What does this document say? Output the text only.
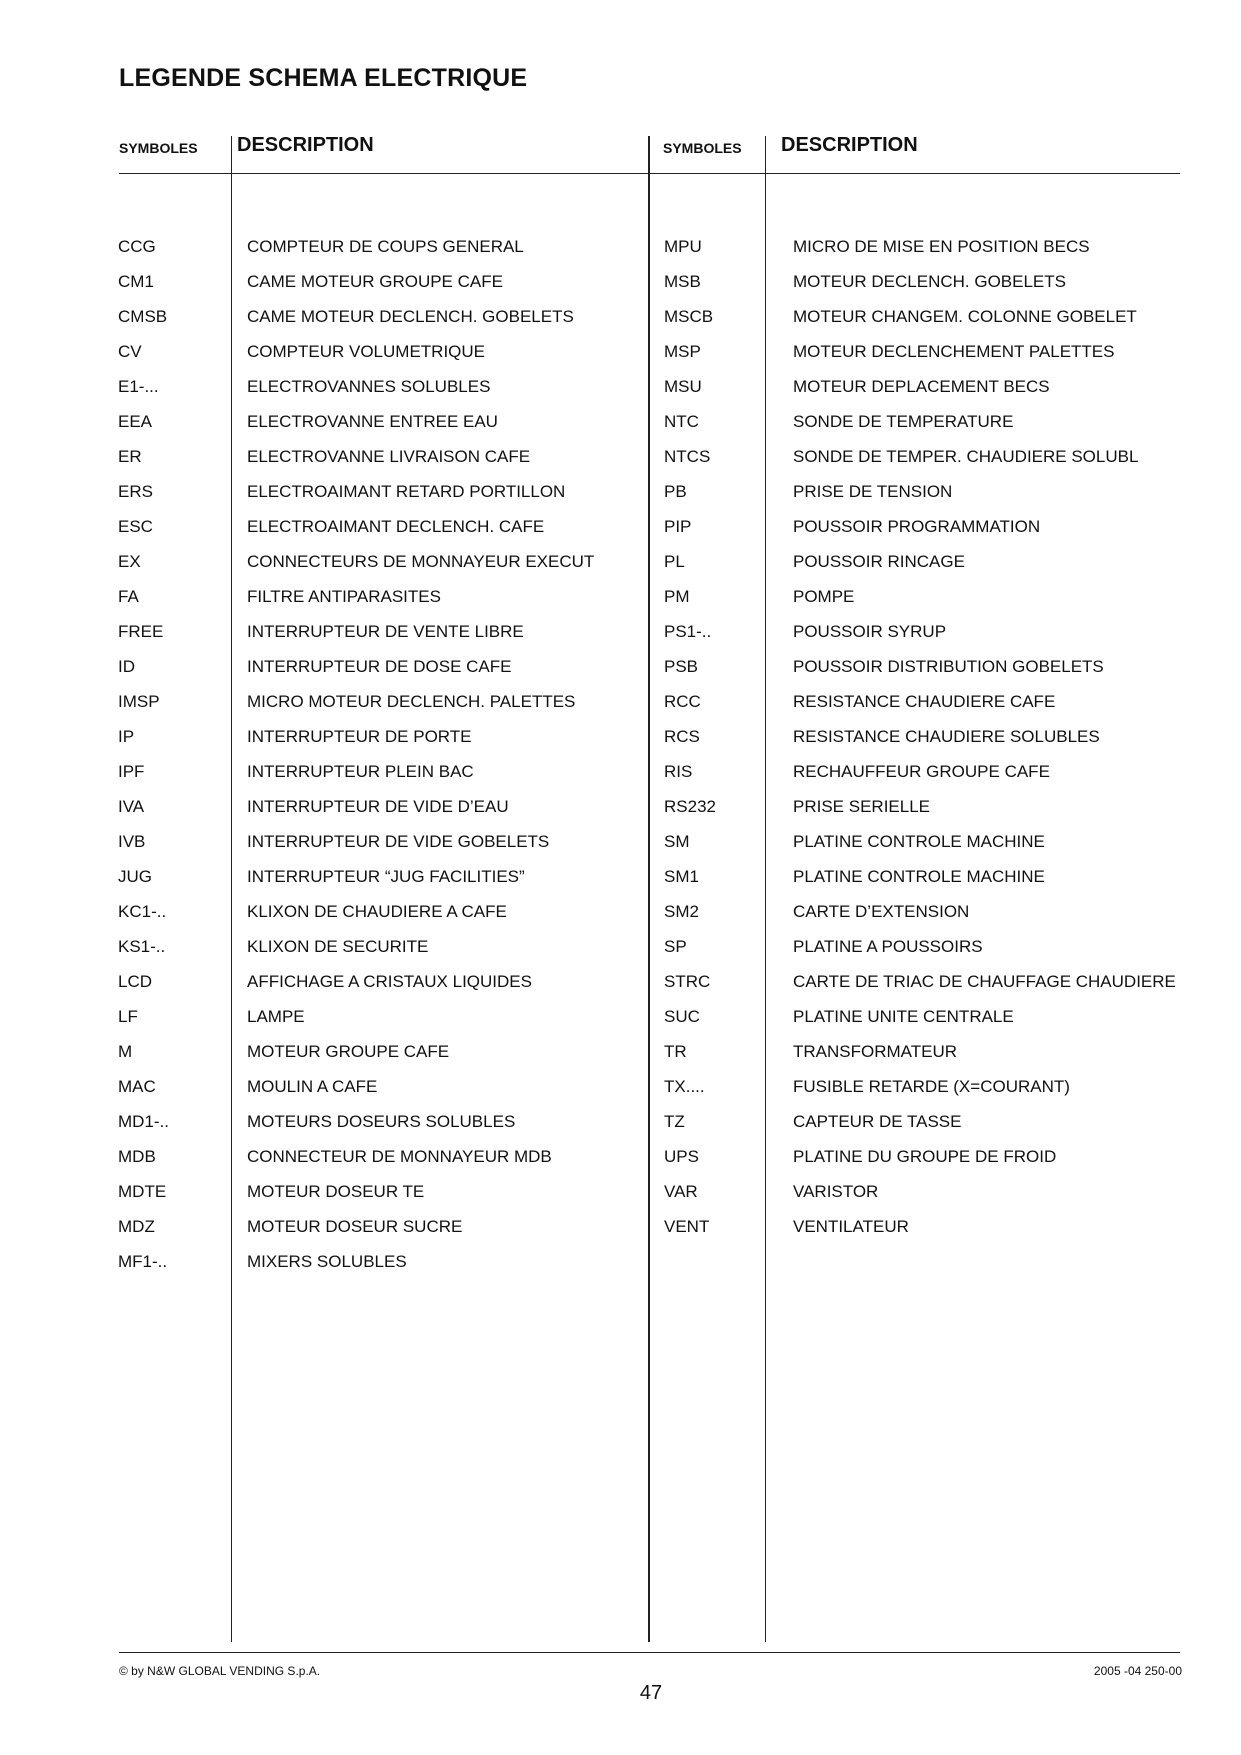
LEGENDE SCHEMA ELECTRIQUE
SYMBOLES DESCRIPTION	SYMBOLES DESCRIPTION
CCG
CM1
CMSB
CV
E1-...
EEA
ER
ERS
ESC
EX
FA
FREE
ID
IMSP
IP
IPF
IVA
IVB
JUG
KC1-..
KS1-..
LCD
LF
M
MAC
MD1-..
MDB
MDTE
MDZ
MF1-..
COMPTEUR DE COUPS GENERAL
CAME MOTEUR GROUPE CAFE
CAME MOTEUR DECLENCH. GOBELETS
COMPTEUR VOLUMETRIQUE
ELECTROVANNES SOLUBLES
ELECTROVANNE ENTREE EAU
ELECTROVANNE LIVRAISON CAFE
ELECTROAIMANT RETARD PORTILLON
ELECTROAIMANT DECLENCH. CAFE
CONNECTEURS DE MONNAYEUR EXECUT
FILTRE ANTIPARASITES
INTERRUPTEUR DE VENTE LIBRE
INTERRUPTEUR DE DOSE CAFE
MICRO MOTEUR DECLENCH. PALETTES
INTERRUPTEUR DE PORTE
INTERRUPTEUR PLEIN BAC
INTERRUPTEUR DE VIDE D’EAU
INTERRUPTEUR DE VIDE GOBELETS
INTERRUPTEUR “JUG FACILITIES”
KLIXON DE CHAUDIERE A CAFE
KLIXON DE SECURITE
AFFICHAGE A CRISTAUX LIQUIDES
LAMPE
MOTEUR GROUPE CAFE
MOULIN A CAFE
MOTEURS DOSEURS SOLUBLES
CONNECTEUR DE MONNAYEUR MDB
MOTEUR DOSEUR TE
MOTEUR DOSEUR SUCRE
MIXERS SOLUBLES
MPU
MSB
MSCB
MSP
MSU
NTC
NTCS
PB
PIP
PL
PM
PS1-..
PSB
RCC
RCS
RIS
RS232
SM
SM1
SM2
SP
STRC
SUC
TR
TX....
TZ
UPS
VAR
VENT
MICRO DE MISE EN POSITION BECS
MOTEUR DECLENCH. GOBELETS
MOTEUR CHANGEM. COLONNE GOBELET
MOTEUR DECLENCHEMENT PALETTES
MOTEUR DEPLACEMENT BECS
SONDE DE TEMPERATURE
SONDE DE TEMPER. CHAUDIERE SOLUBL
PRISE DE TENSION
POUSSOIR PROGRAMMATION
POUSSOIR RINCAGE
POMPE
POUSSOIR SYRUP
POUSSOIR DISTRIBUTION GOBELETS
RESISTANCE CHAUDIERE CAFE
RESISTANCE CHAUDIERE SOLUBLES
RECHAUFFEUR GROUPE CAFE
PRISE SERIELLE
PLATINE CONTROLE MACHINE
PLATINE CONTROLE MACHINE
CARTE D’EXTENSION
PLATINE A POUSSOIRS
CARTE DE TRIAC DE CHAUFFAGE CHAUDIERE
PLATINE UNITE CENTRALE
TRANSFORMATEUR
FUSIBLE RETARDE (X=COURANT)
CAPTEUR DE TASSE
PLATINE DU GROUPE DE FROID
VARISTOR
VENTILATEUR
© by N&W GLOBAL VENDING S.p.A.	2005 -04 250-00
47
